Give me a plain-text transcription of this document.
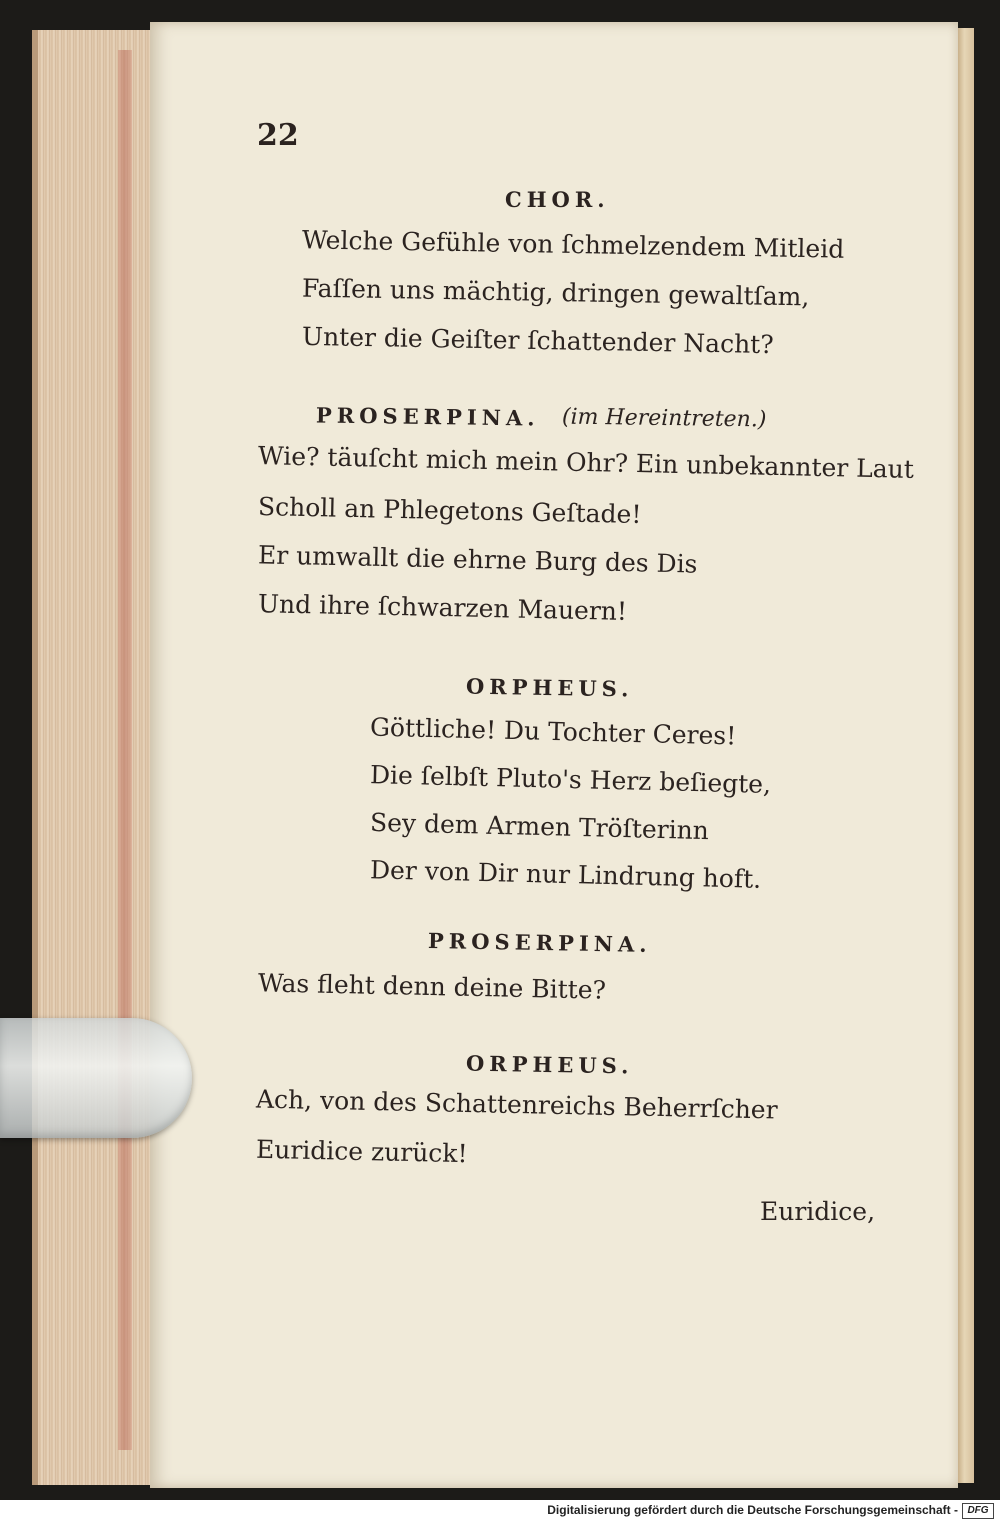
22
CHOR.
Welche Gefühle von ſchmelzendem Mitleid
Faſſen uns mächtig, dringen gewaltſam,
Unter die Geiſter ſchattender Nacht?
PROSERPINA. (im Hereintreten.)
Wie? täuſcht mich mein Ohr? Ein unbekannter Laut
Scholl an Phlegetons Geſtade!
Er umwallt die ehrne Burg des Dis
Und ihre ſchwarzen Mauern!
ORPHEUS.
Göttliche! Du Tochter Ceres!
Die ſelbſt Pluto's Herz beſiegte,
Sey dem Armen Tröſterinn
Der von Dir nur Lindrung hoft.
PROSERPINA.
Was fleht denn deine Bitte?
ORPHEUS.
Ach, von des Schattenreichs Beherrſcher
Euridice zurück!
Euridice,
Digitalisierung gefördert durch die Deutsche Forschungsgemeinschaft - DFG
